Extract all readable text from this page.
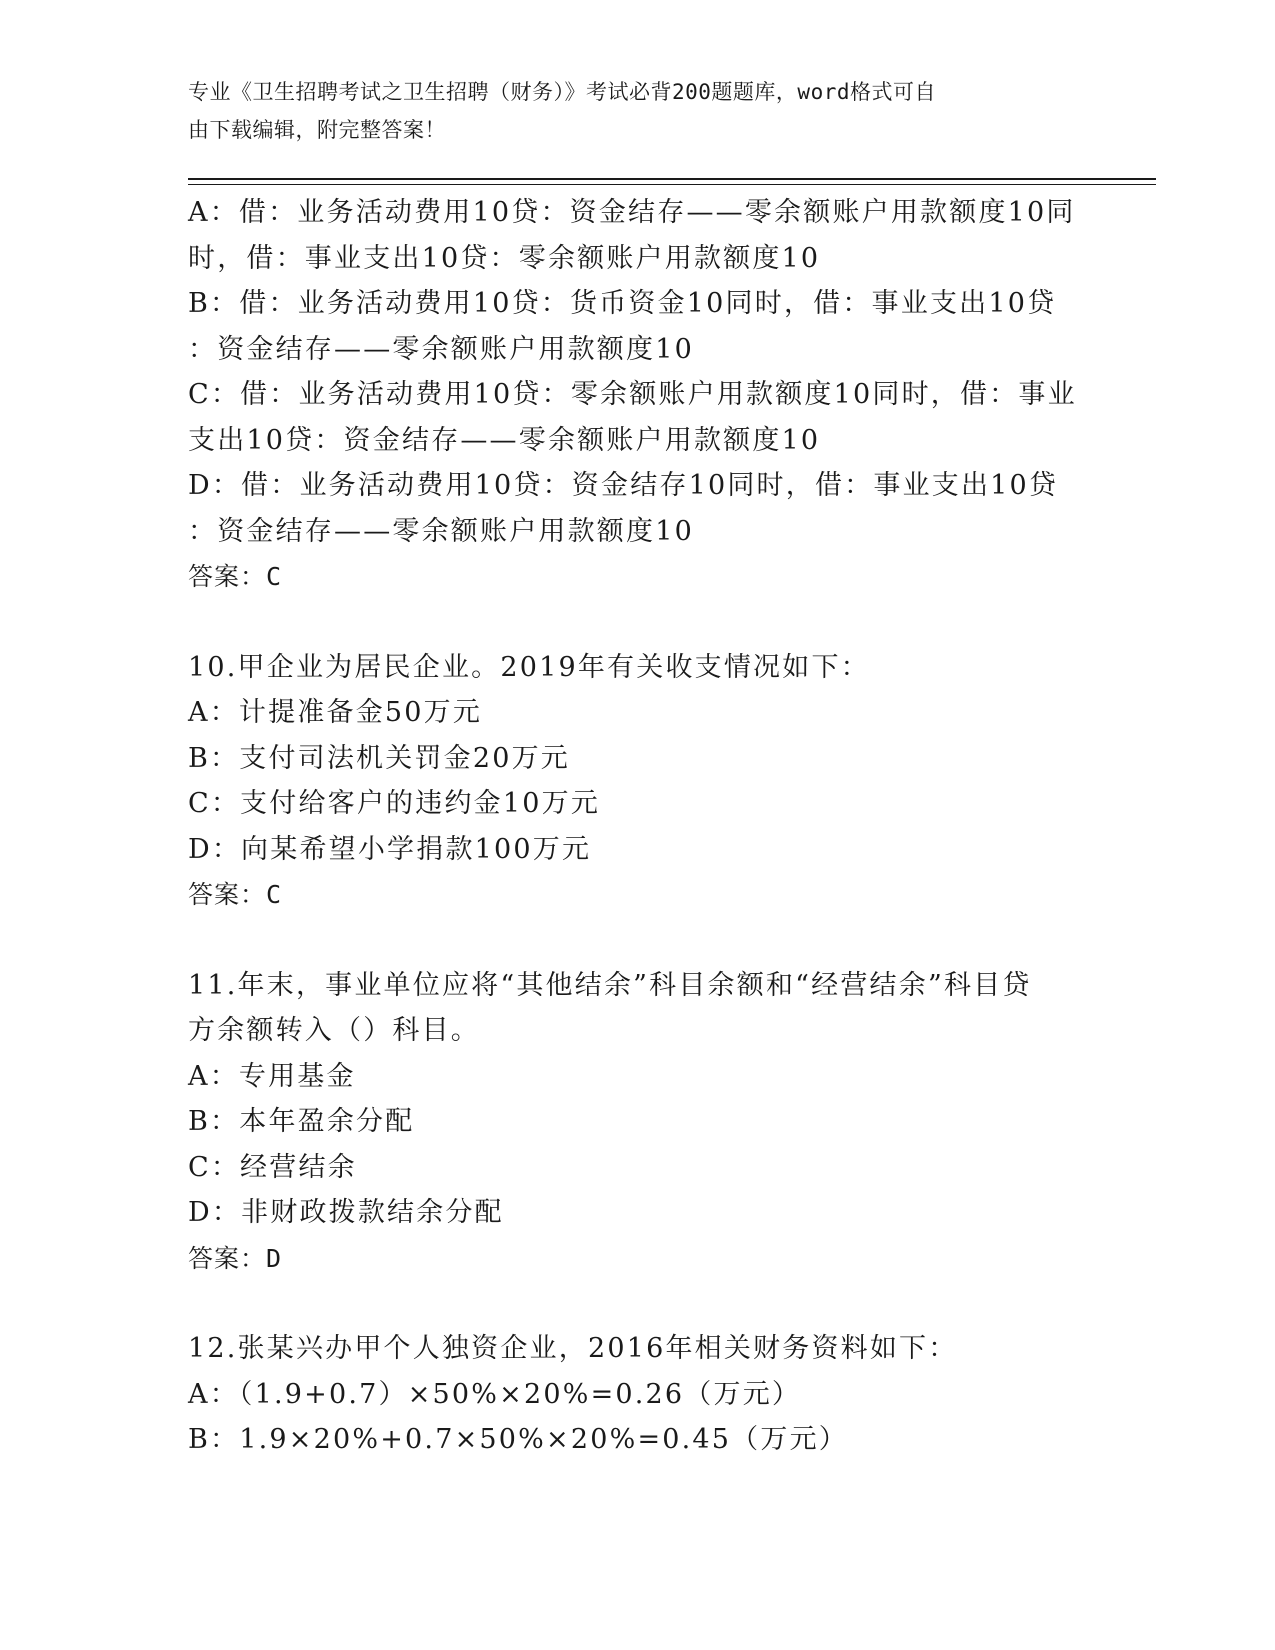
专业《卫生招聘考试之卫生招聘（财务）》考试必背200题题库，word格式可自
由下载编辑，附完整答案！

A：借：业务活动费用10贷：资金结存——零余额账户用款额度10同

时，借：事业支出10贷：零余额账户用款额度10

B：借：业务活动费用10贷：货币资金10同时，借：事业支出10贷

：资金结存——零余额账户用款额度10

C：借：业务活动费用10贷：零余额账户用款额度10同时，借：事业

支出10贷：资金结存——零余额账户用款额度10

D：借：业务活动费用10贷：资金结存10同时，借：事业支出10贷

：资金结存——零余额账户用款额度10

答案：C

10.甲企业为居民企业。2019年有关收支情况如下：

A：计提准备金50万元

B：支付司法机关罚金20万元

C：支付给客户的违约金10万元

D：向某希望小学捐款100万元

答案：C

11.年末，事业单位应将“其他结余”科目余额和“经营结余”科目贷

方余额转入（）科目。

A：专用基金

B：本年盈余分配

C：经营结余

D：非财政拨款结余分配

答案：D

12.张某兴办甲个人独资企业，2016年相关财务资料如下：

A：（1.9+0.7）×50%×20%=0.26（万元）

B：1.9×20%+0.7×50%×20%=0.45（万元）
